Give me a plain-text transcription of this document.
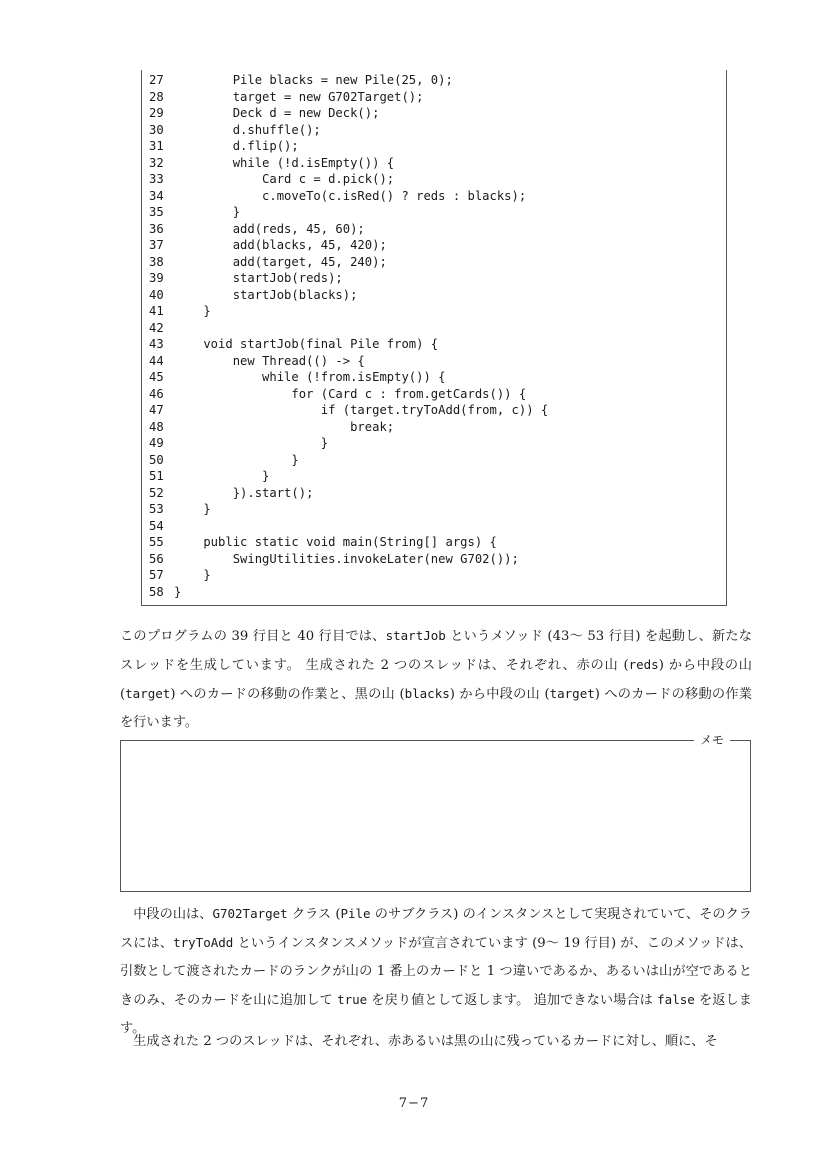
27        Pile blacks = new Pile(25, 0);
28        target = new G702Target();
29        Deck d = new Deck();
30        d.shuffle();
31        d.flip();
32        while (!d.isEmpty()) {
33            Card c = d.pick();
34            c.moveTo(c.isRed() ? reds : blacks);
35        }
36        add(reds, 45, 60);
37        add(blacks, 45, 420);
38        add(target, 45, 240);
39        startJob(reds);
40        startJob(blacks);
41    }
42
43    void startJob(final Pile from) {
44        new Thread(() -> {
45            while (!from.isEmpty()) {
46                for (Card c : from.getCards()) {
47                    if (target.tryToAdd(from, c)) {
48                        break;
49                    }
50                }
51            }
52        }).start();
53    }
54
55    public static void main(String[] args) {
56        SwingUtilities.invokeLater(new G702());
57    }
58 }

このプログラムの 39 行目と 40 行目では、startJob というメソッド (43～ 53 行目) を起動し、新たなスレッドを生成しています。 生成された 2 つのスレッドは、それぞれ、赤の山 (reds) から中段の山 (target) へのカードの移動の作業と、黒の山 (blacks) から中段の山 (target) へのカードの移動の作業を行います。

メモ

　中段の山は、G702Target クラス (Pile のサブクラス) のインスタンスとして実現されていて、そのクラスには、tryToAdd というインスタンスメソッドが宣言されています (9～ 19 行目) が、このメソッドは、引数として渡されたカードのランクが山の 1 番上のカードと 1 つ違いであるか、あるいは山が空であるときのみ、そのカードを山に追加して true を戻り値として返します。 追加できない場合は false を返します。

　生成された 2 つのスレッドは、それぞれ、赤あるいは黒の山に残っているカードに対し、順に、そ

7−7
